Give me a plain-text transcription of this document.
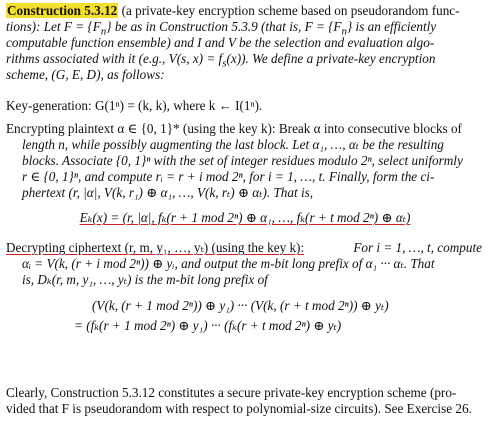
Construction 5.3.12 (a private-key encryption scheme based on pseudorandom func-
tions): Let $F = \{F_n\}$ be as in Construction 5.3.9 (that is, $F = \{F_n\}$ is an efficiently
computable function ensemble) and I and V be the selection and evaluation algo-
rithms associated with it (e.g., V(s, $x) = f_s(x)$). We define a private-key encryption
scheme, (G, E, D), as follows:
Key-generation: G(1ⁿ) = (k, k), where k ← I(1ⁿ).
Encrypting plaintext α ∈ {0, 1}* (using the key k): Break α into consecutive blocks of
length n, while possibly augmenting the last block. Let α₁, …, αₜ be the resulting
blocks. Associate {0, 1}ⁿ with the set of integer residues modulo 2ⁿ, select uniformly
r ∈ {0, 1}ⁿ, and compute rᵢ = r + i mod 2ⁿ, for i = 1, …, t. Finally, form the ci-
phertext (r, |α|, V(k, r₁) ⊕ α₁, …, V(k, rₜ) ⊕ αₜ). That is,
Eₖ(x) = (r, |α|, fₖ(r + 1 mod 2ⁿ) ⊕ α₁, …, fₖ(r + t mod 2ⁿ) ⊕ αₜ)
Decrypting ciphertext (r, m, y₁, …, yₜ) (using the key k):	For i = 1, …, t, compute
αᵢ = V(k, (r + i mod 2ⁿ)) ⊕ yᵢ, and output the m-bit long prefix of α₁ ··· αₜ. That
is, Dₖ(r, m, y₁, …, yₜ) is the m-bit long prefix of
(V(k, (r + 1 mod 2ⁿ)) ⊕ y₁) ··· (V(k, (r + t mod 2ⁿ)) ⊕ yₜ)
= (fₖ(r + 1 mod 2ⁿ) ⊕ y₁) ··· (fₖ(r + t mod 2ⁿ) ⊕ yₜ)
Clearly, Construction 5.3.12 constitutes a secure private-key encryption scheme (pro-
vided that F is pseudorandom with respect to polynomial-size circuits). See Exercise 26.
